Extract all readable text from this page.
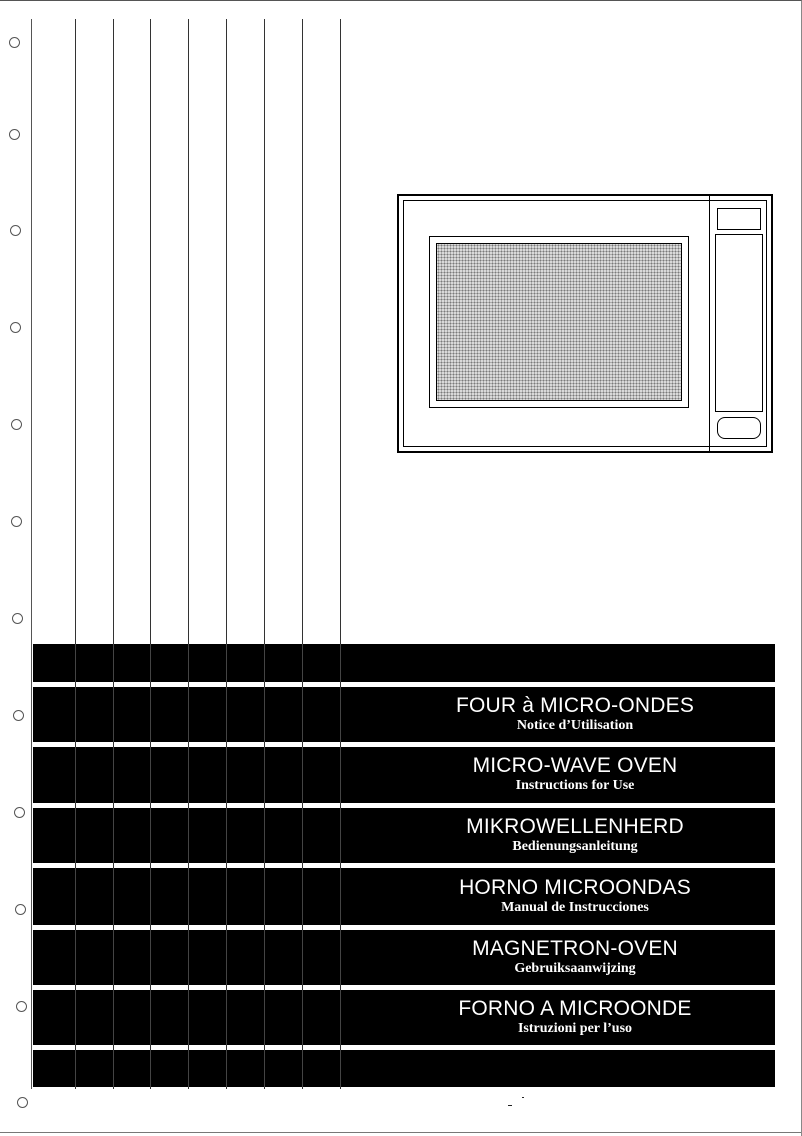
FOUR à MICRO-ONDES
Notice d’Utilisation
MICRO-WAVE OVEN
Instructions for Use
MIKROWELLENHERD
Bedienungsanleitung
HORNO MICROONDAS
Manual de Instrucciones
MAGNETRON-OVEN
Gebruiksaanwijzing
FORNO A MICROONDE
Istruzioni per l’uso
